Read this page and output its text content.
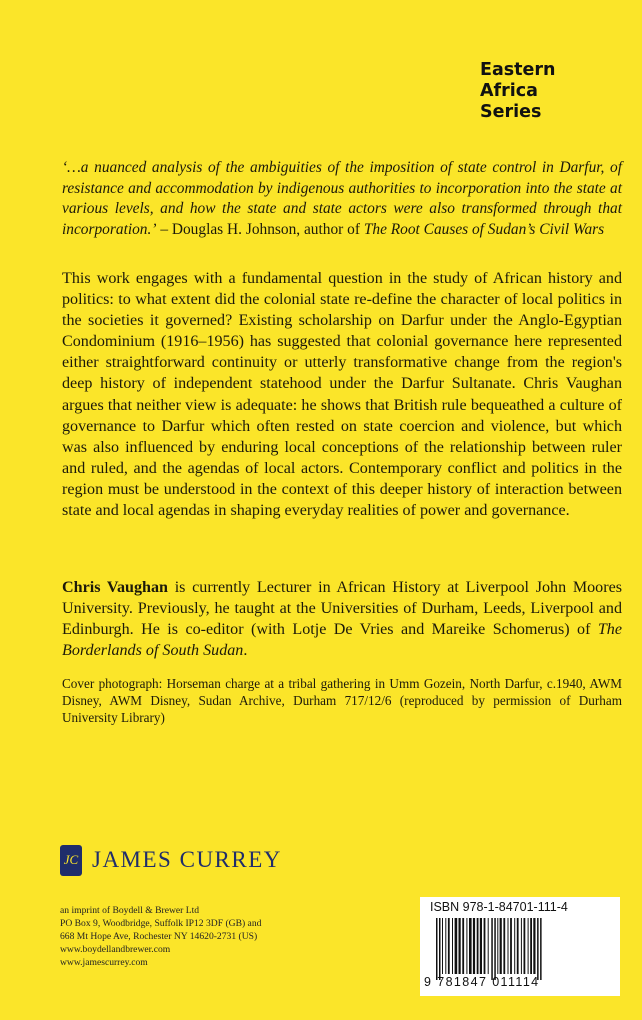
Eastern
Africa
Series
‘…a nuanced analysis of the ambiguities of the imposition of state control in Darfur, of resistance and accommodation by indigenous authorities to incorporation into the state at various levels, and how the state and state actors were also transformed through that incorporation.’ – Douglas H. Johnson, author of The Root Causes of Sudan’s Civil Wars
This work engages with a fundamental question in the study of African history and politics: to what extent did the colonial state re-define the character of local politics in the societies it governed? Existing scholarship on Darfur under the Anglo-Egyptian Condominium (1916–1956) has suggested that colonial governance here represented either straightforward continuity or utterly transformative change from the region's deep history of independent statehood under the Darfur Sultanate. Chris Vaughan argues that neither view is adequate: he shows that British rule bequeathed a culture of governance to Darfur which often rested on state coercion and violence, but which was also influenced by enduring local conceptions of the relationship between ruler and ruled, and the agendas of local actors. Contemporary conflict and politics in the region must be understood in the context of this deeper history of interaction between state and local agendas in shaping everyday realities of power and governance.
Chris Vaughan is currently Lecturer in African History at Liverpool John Moores University. Previously, he taught at the Universities of Durham, Leeds, Liverpool and Edinburgh. He is co-editor (with Lotje De Vries and Mareike Schomerus) of The Borderlands of South Sudan.
Cover photograph: Horseman charge at a tribal gathering in Umm Gozein, North Darfur, c.1940, AWM Disney, AWM Disney, Sudan Archive, Durham 717/12/6 (reproduced by permission of Durham University Library)
JC JAMES CURREY
an imprint of Boydell & Brewer Ltd
PO Box 9, Woodbridge, Suffolk IP12 3DF (GB) and
668 Mt Hope Ave, Rochester NY 14620-2731 (US)
www.boydellandbrewer.com
www.jamescurrey.com
ISBN 978-1-84701-111-4
9 781847 011114
